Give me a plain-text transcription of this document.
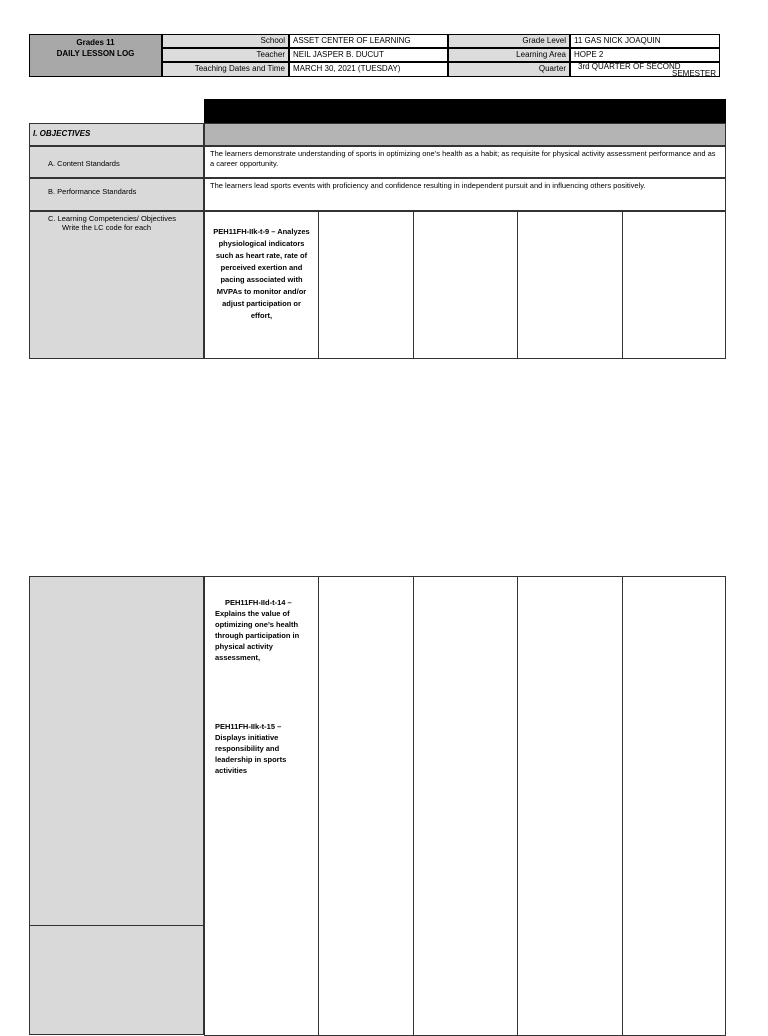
Grades 11
DAILY LESSON LOG
School	ASSET CENTER OF LEARNING
Teacher	NEIL JASPER B. DUCUT
Teaching Dates and Time	MARCH 30, 2021 (TUESDAY)
Grade Level	11 GAS NICK JOAQUIN
Learning Area	HOPE 2
Quarter	3rd QUARTER OF SECOND
SEMESTER
I. OBJECTIVES
A. Content Standards
The learners demonstrate understanding of sports in optimizing one’s health as a habit; as requisite for physical activity assessment performance and as a career opportunity.
B. Performance Standards
The learners lead sports events with proficiency and confidence resulting in independent pursuit and in influencing others positively.
C. Learning Competencies/ Objectives
Write the LC code for each	PEH11FH-IIk-t-9 – Analyzes physiological indicators such as heart rate, rate of perceived exertion and pacing associated with MVPAs to monitor and/or adjust participation or effort,
PEH11FH-IId-t-14 – Explains the value of optimizing one’s health through participation in physical activity assessment,
PEH11FH-IIk-t-15 – Displays initiative responsibility and leadership in sports activities
